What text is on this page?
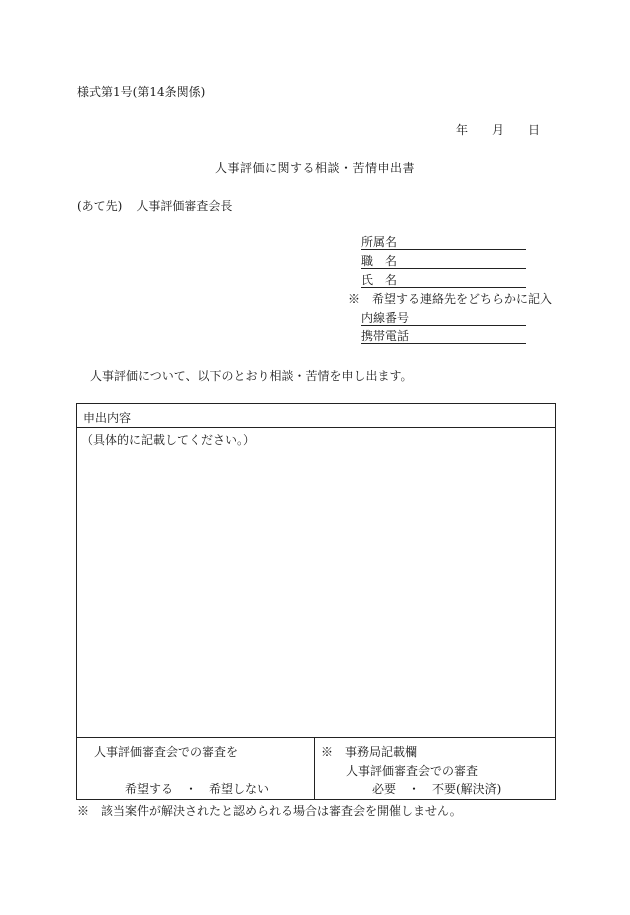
様式第1号(第14条関係)
年 月 日
人事評価に関する相談・苦情申出書
(あて先) 人事評価審査会長
所属名
職　名
氏　名
※　希望する連絡先をどちらかに記入
内線番号
携帯電話
人事評価について、以下のとおり相談・苦情を申し出ます。
申出内容
（具体的に記載してください。）
人事評価審査会での審査を
希望する　・　希望しない
※　事務局記載欄
人事評価審査会での審査
必要　・　不要(解決済)
※　該当案件が解決されたと認められる場合は審査会を開催しません。
